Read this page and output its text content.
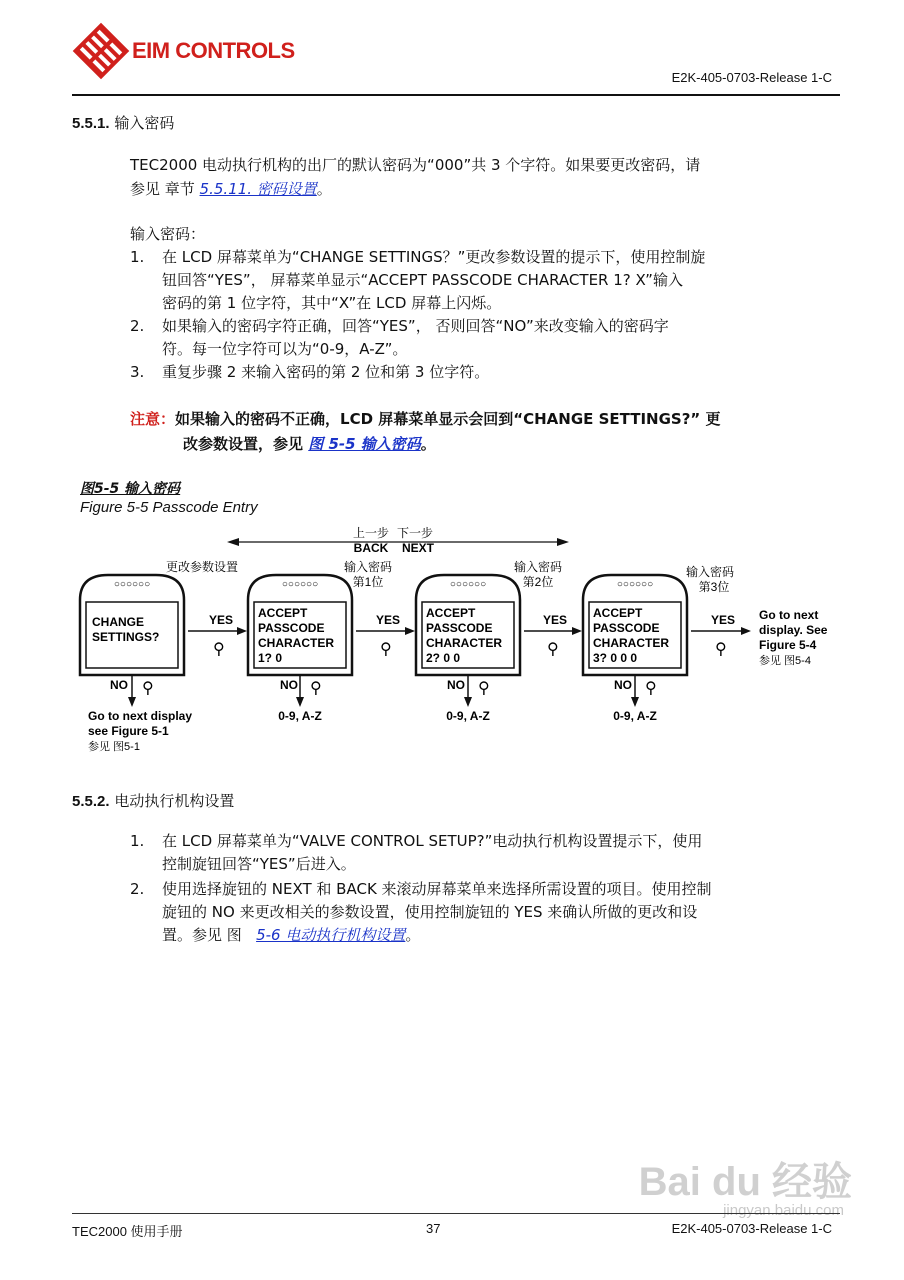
EIM CONTROLS
E2K-405-0703-Release 1-C
5.5.1. 输入密码

TEC2000 电动执行机构的出厂的默认密码为“000”共 3 个字符。如果要更改密码，请

参见 章节 5.5.11. 密码设置。

输入密码：
1. 在 LCD 屏幕菜单为“CHANGE SETTINGS？”更改参数设置的提示下，使用控制旋
钮回答“YES”， 屏幕菜单显示“ACCEPT PASSCODE CHARACTER 1? X”输入
密码的第 1 位字符，其中“X”在 LCD 屏幕上闪烁。
2. 如果输入的密码字符正确，回答“YES”， 否则回答“NO”来改变输入的密码字
符。每一位字符可以为“0-9，A-Z”。
3. 重复步骤 2 来输入密码的第 2 位和第 3 位字符。
注意：如果输入的密码不正确，LCD 屏幕菜单显示会回到“CHANGE SETTINGS?” 更
改参数设置，参见 图 5-5 输入密码。
图5-5 输入密码
Figure 5-5 Passcode Entry
上一步 下一步
BACK NEXT
更改参数设置
○○○○○○
CHANGE
SETTINGS?
输入密码
第1位
○○○○○○
ACCEPT
PASSCODE
CHARACTER
1? 0
输入密码
第2位
○○○○○○
ACCEPT
PASSCODE
CHARACTER
2? 0 0
输入密码
第3位
○○○○○○
ACCEPT
PASSCODE
CHARACTER
3? 0 0 0
YES
⚲
YES
⚲
YES
⚲
YES
⚲
NO ⚲	NO ⚲
0-9, A-Z
NO ⚲
0-9, A-Z
NO ⚲
0-9, A-Z
Go to next display
see Figure 5-1
参见 图5-1
Go to next
display. See
Figure 5-4
参见 图5-4
5.5.2. 电动执行机构设置
1. 在 LCD 屏幕菜单为“VALVE CONTROL SETUP?”电动执行机构设置提示下，使用
控制旋钮回答“YES”后进入。
2. 使用选择旋钮的 NEXT 和 BACK 来滚动屏幕菜单来选择所需设置的项目。使用控制
旋钮的 NO 来更改相关的参数设置，使用控制旋钮的 YES 来确认所做的更改和设
置。参见 图   5-6 电动执行机构设置。
Bai du 经验
jingyan.baidu.com
TEC2000 使用手册	37	E2K-405-0703-Release 1-C
